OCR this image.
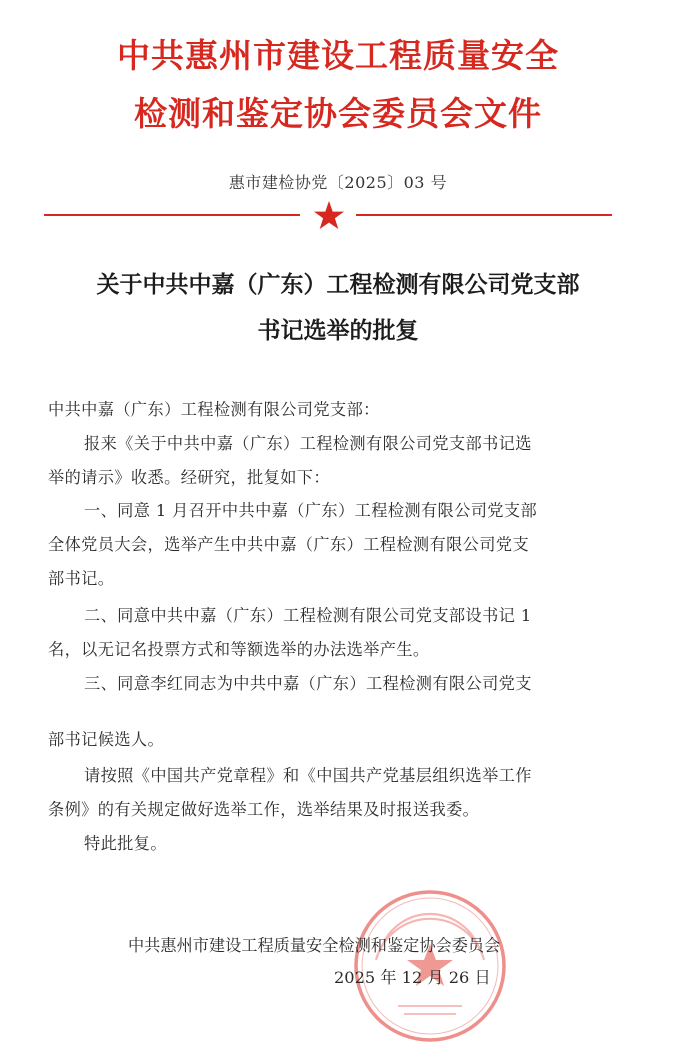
中共惠州市建设工程质量安全
检测和鉴定协会委员会文件
惠市建检协党〔2025〕03 号
关于中共中嘉（广东）工程检测有限公司党支部
书记选举的批复
中共中嘉（广东）工程检测有限公司党支部：
报来《关于中共中嘉（广东）工程检测有限公司党支部书记选
举的请示》收悉。经研究，批复如下：
一、同意 1 月召开中共中嘉（广东）工程检测有限公司党支部
全体党员大会，选举产生中共中嘉（广东）工程检测有限公司党支
部书记。
二、同意中共中嘉（广东）工程检测有限公司党支部设书记 1
名，以无记名投票方式和等额选举的办法选举产生。
三、同意李红同志为中共中嘉（广东）工程检测有限公司党支
部书记候选人。
请按照《中国共产党章程》和《中国共产党基层组织选举工作
条例》的有关规定做好选举工作，选举结果及时报送我委。
特此批复。
中共惠州市建设工程质量安全检测和鉴定协会委员会
2025 年 12 月 26 日
